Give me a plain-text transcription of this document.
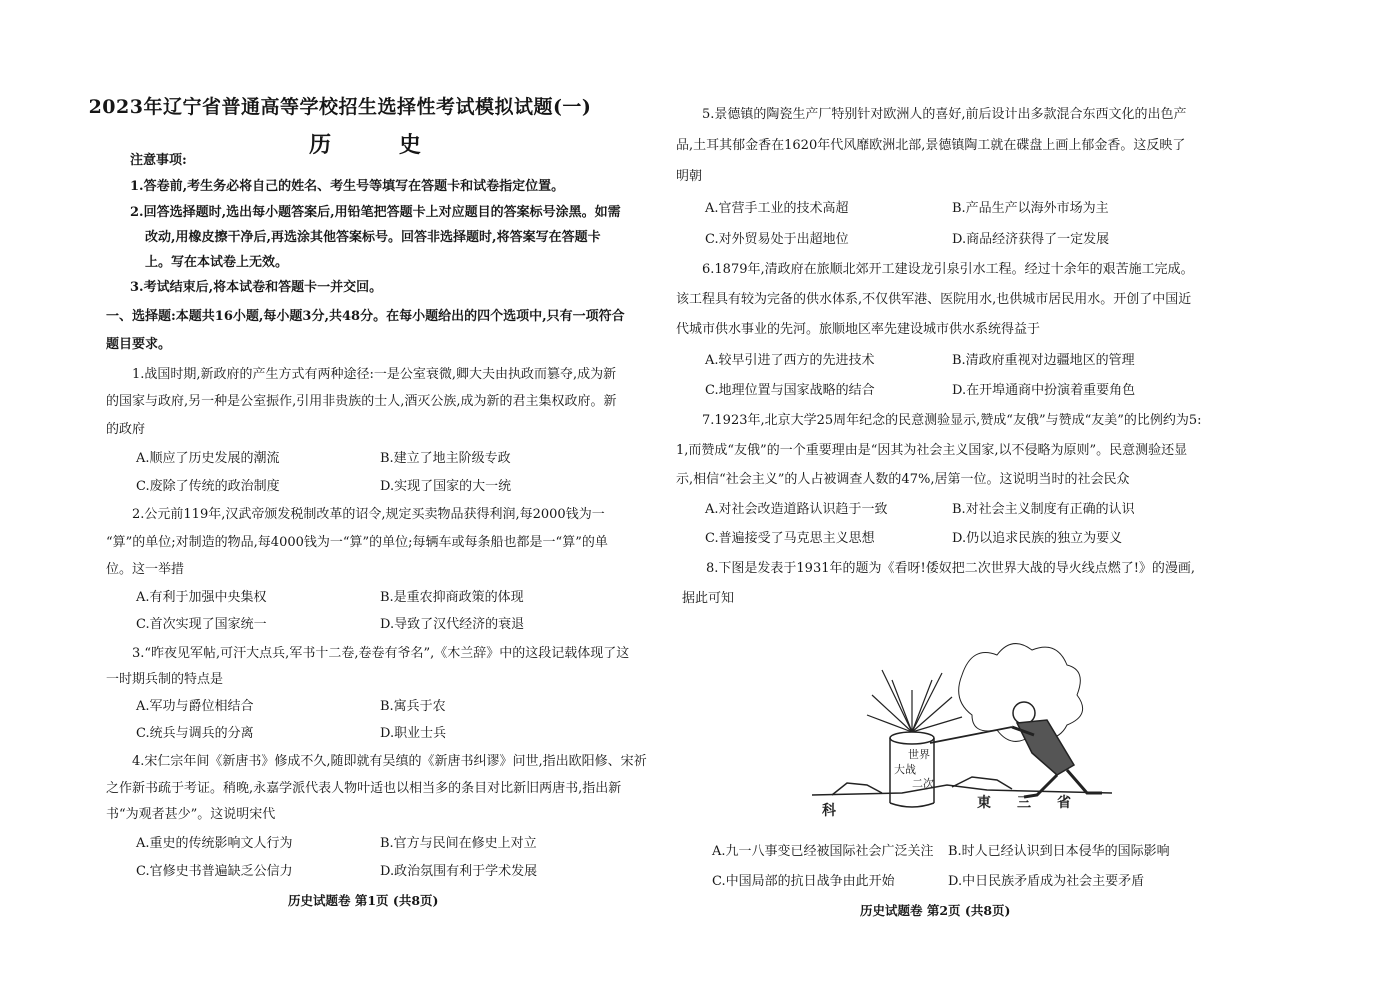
2023年辽宁省普通高等学校招生选择性考试模拟试题(一)
历 史
注意事项:
1.答卷前,考生务必将自己的姓名、考生号等填写在答题卡和试卷指定位置。
2.回答选择题时,选出每小题答案后,用铅笔把答题卡上对应题目的答案标号涂黑。如需
改动,用橡皮擦干净后,再选涂其他答案标号。回答非选择题时,将答案写在答题卡
上。写在本试卷上无效。
3.考试结束后,将本试卷和答题卡一并交回。
一、选择题:本题共16小题,每小题3分,共48分。在每小题给出的四个选项中,只有一项符合
题目要求。
1.战国时期,新政府的产生方式有两种途径:一是公室衰微,卿大夫由执政而篡夺,成为新
的国家与政府,另一种是公室振作,引用非贵族的士人,酒灭公族,成为新的君主集权政府。新
的政府
A.顺应了历史发展的潮流	B.建立了地主阶级专政
C.废除了传统的政治制度	D.实现了国家的大一统
2.公元前119年,汉武帝颁发税制改革的诏令,规定买卖物品获得利润,每2000钱为一
“算”的单位;对制造的物品,每4000钱为一“算”的单位;每辆车或每条船也都是一“算”的单
位。这一举措
A.有利于加强中央集权	B.是重农抑商政策的体现
C.首次实现了国家统一	D.导致了汉代经济的衰退
3.“昨夜见军帖,可汗大点兵,军书十二卷,卷卷有爷名”,《木兰辞》中的这段记载体现了这
一时期兵制的特点是
A.军功与爵位相结合	B.寓兵于农
C.统兵与调兵的分离	D.职业士兵
4.宋仁宗年间《新唐书》修成不久,随即就有吴缜的《新唐书纠谬》问世,指出欧阳修、宋祈
之作新书疏于考证。稍晚,永嘉学派代表人物叶适也以相当多的条目对比新旧两唐书,指出新
书“为观者甚少”。这说明宋代
A.重史的传统影响文人行为	B.官方与民间在修史上对立
C.官修史书普遍缺乏公信力	D.政治氛围有利于学术发展
历史试题卷 第1页 (共8页)
5.景德镇的陶瓷生产厂特别针对欧洲人的喜好,前后设计出多款混合东西文化的出色产
品,土耳其郁金香在1620年代风靡欧洲北部,景德镇陶工就在碟盘上画上郁金香。这反映了
明朝
A.官营手工业的技术高超	B.产品生产以海外市场为主
C.对外贸易处于出超地位	D.商品经济获得了一定发展
6.1879年,清政府在旅顺北郊开工建设龙引泉引水工程。经过十余年的艰苦施工完成。
该工程具有较为完备的供水体系,不仅供军港、医院用水,也供城市居民用水。开创了中国近
代城市供水事业的先河。旅顺地区率先建设城市供水系统得益于
A.较早引进了西方的先进技术	B.清政府重视对边疆地区的管理
C.地理位置与国家战略的结合	D.在开埠通商中扮演着重要角色
7.1923年,北京大学25周年纪念的民意测验显示,赞成“友俄”与赞成“友美”的比例约为5:
1,而赞成“友俄”的一个重要理由是“因其为社会主义国家,以不侵略为原则”。民意测验还显
示,相信“社会主义”的人占被调查人数的47%,居第一位。这说明当时的社会民众
A.对社会改造道路认识趋于一致	B.对社会主义制度有正确的认识
C.普遍接受了马克思主义思想	D.仍以追求民族的独立为要义
8.下图是发表于1931年的题为《看呀!倭奴把二次世界大战的导火线点燃了!》的漫画,
据此可知
世界
大战
二次
科	東 三 省
A.九一八事变已经被国际社会广泛关注 B.时人已经认识到日本侵华的国际影响
C.中国局部的抗日战争由此开始	D.中日民族矛盾成为社会主要矛盾
历史试题卷 第2页 (共8页)
